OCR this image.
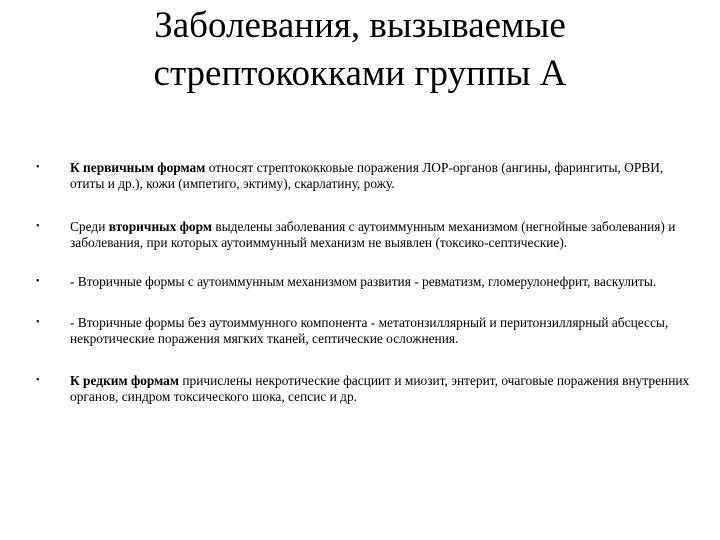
Заболевания, вызываемые
стрептококками группы А
• К первичным формам относят стрептококковые поражения ЛОР-органов (ангины, фарингиты, ОРВИ, отиты и др.), кожи (импетиго, эктиму), скарлатину, рожу.
• Среди вторичных форм выделены заболевания с аутоиммунным механизмом (негнойные заболевания) и заболевания, при которых аутоиммунный механизм не выявлен (токсико-септические).
• - Вторичные формы с аутоиммунным механизмом развития - ревматизм, гломерулонефрит, васкулиты.
• - Вторичные формы без аутоиммунного компонента - метатонзиллярный и перитонзиллярный абсцессы, некротические поражения мягких тканей, септические осложнения.
• К редким формам причислены некротические фасциит и миозит, энтерит, очаговые поражения внутренних органов, синдром токсического шока, сепсис и др.
